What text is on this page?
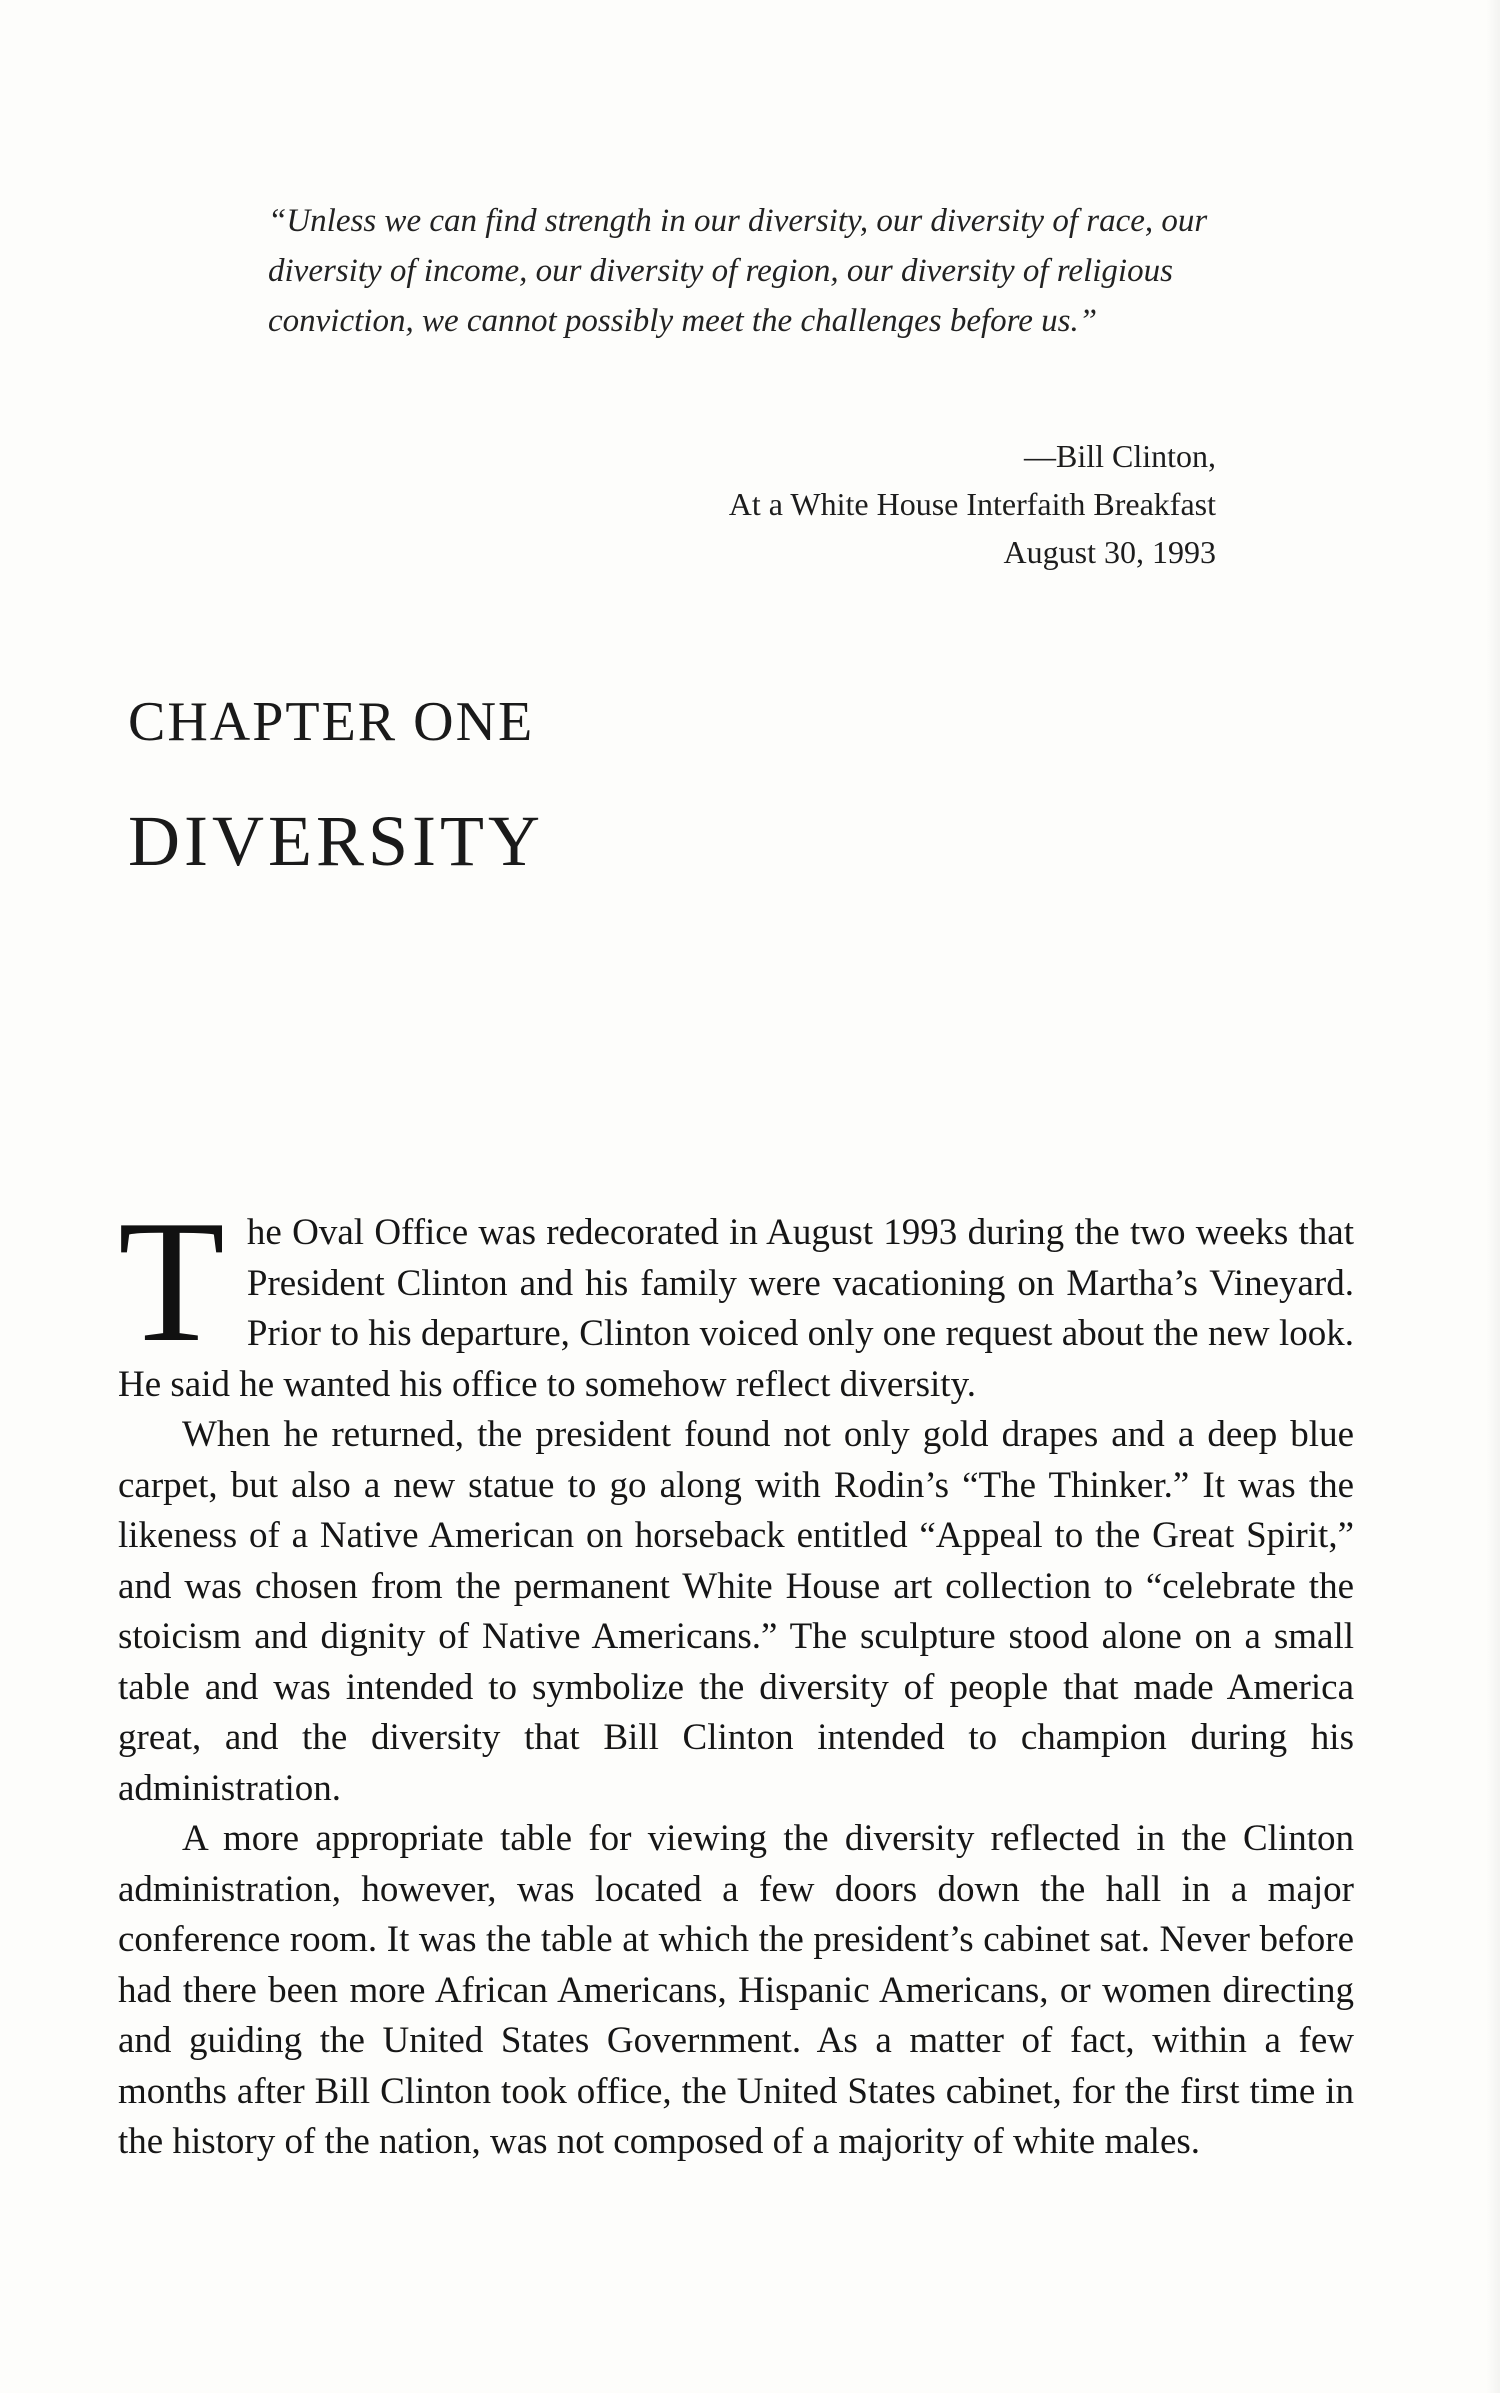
“Unless we can find strength in our diversity, our diversity of race, our diversity of income, our diversity of region, our diversity of religious conviction, we cannot possibly meet the challenges before us.”

—Bill Clinton,
At a White House Interfaith Breakfast
August 30, 1993
CHAPTER ONE
DIVERSITY

The Oval Office was redecorated in August 1993 during the two weeks that President Clinton and his family were vacationing on Martha’s Vineyard. Prior to his departure, Clinton voiced only one request about the new look. He said he wanted his office to somehow reflect diversity.

When he returned, the president found not only gold drapes and a deep blue carpet, but also a new statue to go along with Rodin’s “The Thinker.” It was the likeness of a Native American on horseback entitled “Appeal to the Great Spirit,” and was chosen from the permanent White House art collection to “celebrate the stoicism and dignity of Native Americans.” The sculpture stood alone on a small table and was intended to symbolize the diversity of people that made America great, and the diversity that Bill Clinton intended to champion during his administration.

A more appropriate table for viewing the diversity reflected in the Clinton administration, however, was located a few doors down the hall in a major conference room. It was the table at which the president’s cabinet sat. Never before had there been more African Americans, Hispanic Americans, or women directing and guiding the United States Government. As a matter of fact, within a few months after Bill Clinton took office, the United States cabinet, for the first time in the history of the nation, was not composed of a majority of white males.
